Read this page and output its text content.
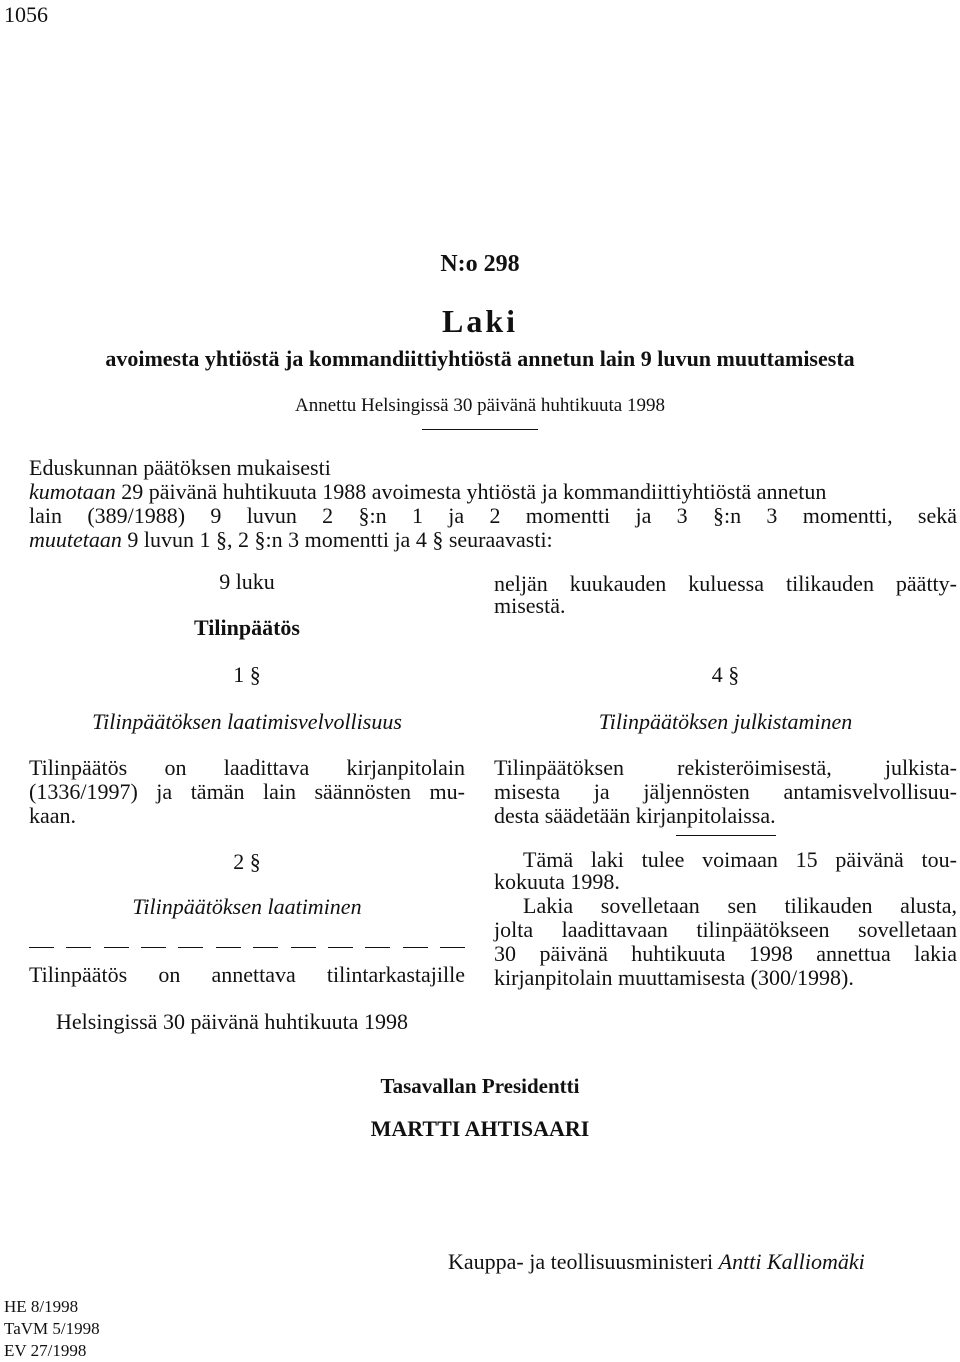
1056
N:o 298
Laki
avoimesta yhtiöstä ja kommandiittiyhtiöstä annetun lain 9 luvun muuttamisesta
Annettu Helsingissä 30 päivänä huhtikuuta 1998
Eduskunnan päätöksen mukaisesti
kumotaan 29 päivänä huhtikuuta 1988 avoimesta yhtiöstä ja kommandiittiyhtiöstä annetun
lain (389/1988) 9 luvun 2 §:n 1 ja 2 momentti ja 3 §:n 3 momentti, sekä
muutetaan 9 luvun 1 §, 2 §:n 3 momentti ja 4 § seuraavasti:
9 luku
Tilinpäätös
1 §
Tilinpäätöksen laatimisvelvollisuus
Tilinpäätös on laadittava kirjanpitolain
(1336/1997) ja tämän lain säännösten mu-
kaan.
2 §
Tilinpäätöksen laatiminen
Tilinpäätös on annettava tilintarkastajille
neljän kuukauden kuluessa tilikauden päätty-
misestä.
4 §
Tilinpäätöksen julkistaminen
Tilinpäätöksen rekisteröimisestä, julkista-
misesta ja jäljennösten antamisvelvollisuu-
desta säädetään kirjanpitolaissa.
Tämä laki tulee voimaan 15 päivänä tou-
kokuuta 1998.
Lakia sovelletaan sen tilikauden alusta,
jolta laadittavaan tilinpäätökseen sovelletaan
30 päivänä huhtikuuta 1998 annettua lakia
kirjanpitolain muuttamisesta (300/1998).
Helsingissä 30 päivänä huhtikuuta 1998
Tasavallan Presidentti
MARTTI AHTISAARI
Kauppa- ja teollisuusministeri Antti Kalliomäki
HE 8/1998
TaVM 5/1998
EV 27/1998
